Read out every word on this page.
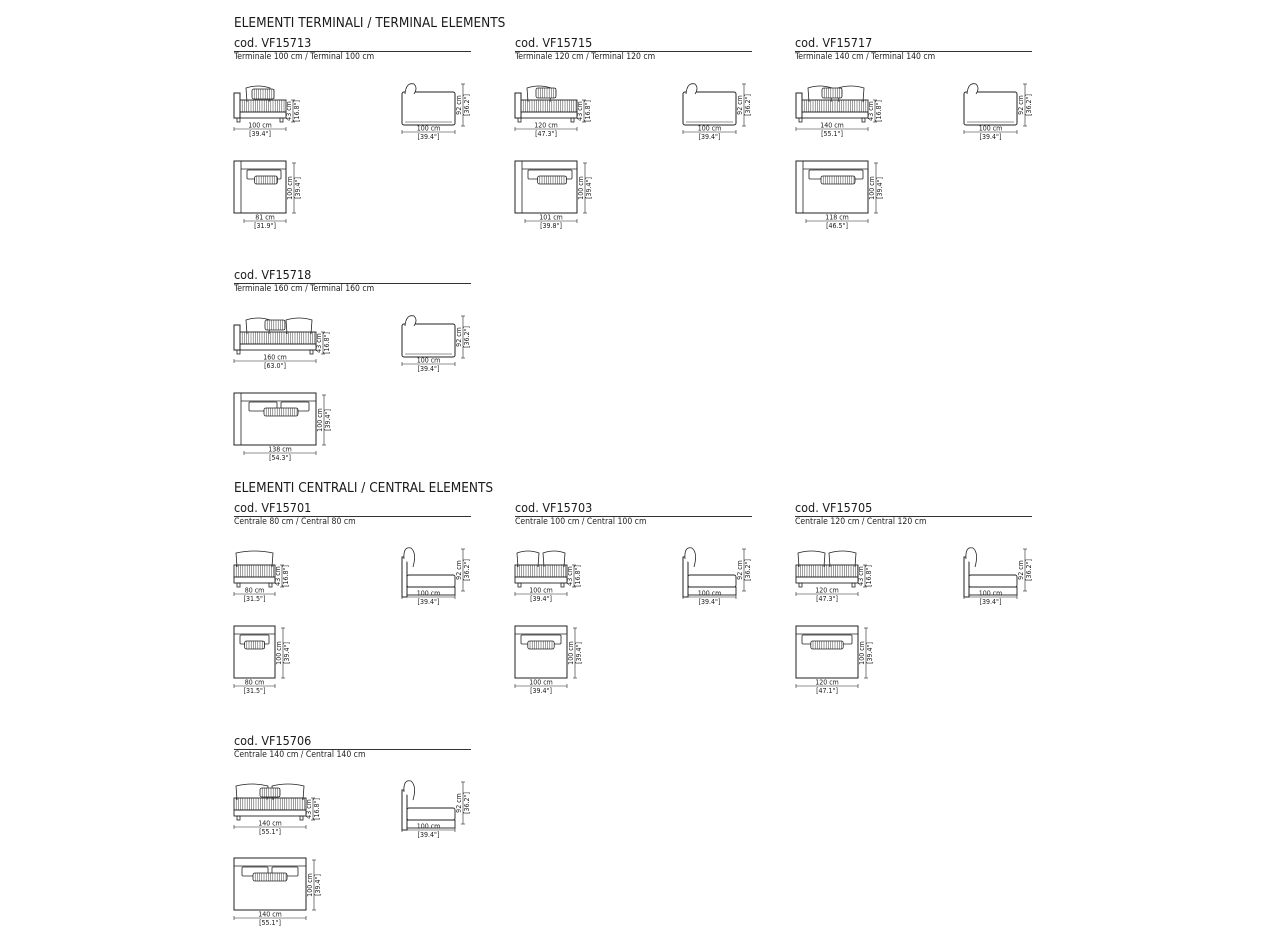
ELEMENTI TERMINALI / TERMINAL ELEMENTS
ELEMENTI CENTRALI / CENTRAL ELEMENTS
cod. VF15713
Terminale 100 cm / Terminal 100 cm
cod. VF15715
Terminale 120 cm / Terminal 120 cm
cod. VF15717
Terminale 140 cm / Terminal 140 cm
cod. VF15718
Terminale 160 cm / Terminal 160 cm
cod. VF15701
Centrale 80 cm / Central 80 cm
cod. VF15703
Centrale 100 cm / Central 100 cm
cod. VF15705
Centrale 120 cm / Central 120 cm
cod. VF15706
Centrale 140 cm / Central 140 cm
100 cm
[39.4"]
43 cm [16.8"]
100 cm
[39.4"]
92 cm [36.2"]
81 cm
[31.9"]
100 cm [39.4"]
120 cm
[47.3"]
43 cm [16.8"]
100 cm
[39.4"]
92 cm [36.2"]
101 cm
[39.8"]
100 cm [39.4"]
140 cm
[55.1"]
43 cm [16.8"]
100 cm
[39.4"]
92 cm [36.2"]
118 cm
[46.5"]
100 cm [39.4"]
160 cm
[63.0"]
43 cm [16.8"]
100 cm
[39.4"]
92 cm [36.2"]
138 cm
[54.3"]
100 cm [39.4"]
80 cm
[31.5"]
43 cm [16.8"]
100 cm
[39.4"]
92 cm [36.2"]
80 cm
[31.5"]
100 cm [39.4"]
100 cm
[39.4"]
43 cm [16.8"]
100 cm
[39.4"]
92 cm [36.2"]
100 cm
[39.4"]
100 cm [39.4"]
120 cm
[47.3"]
43 cm [16.8"]
100 cm
[39.4"]
92 cm [36.2"]
120 cm
[47.1"]
100 cm [39.4"]
140 cm
[55.1"]
43 cm [16.8"]
100 cm
[39.4"]
92 cm [36.2"]
140 cm
[55.1"]
100 cm [39.4"]
